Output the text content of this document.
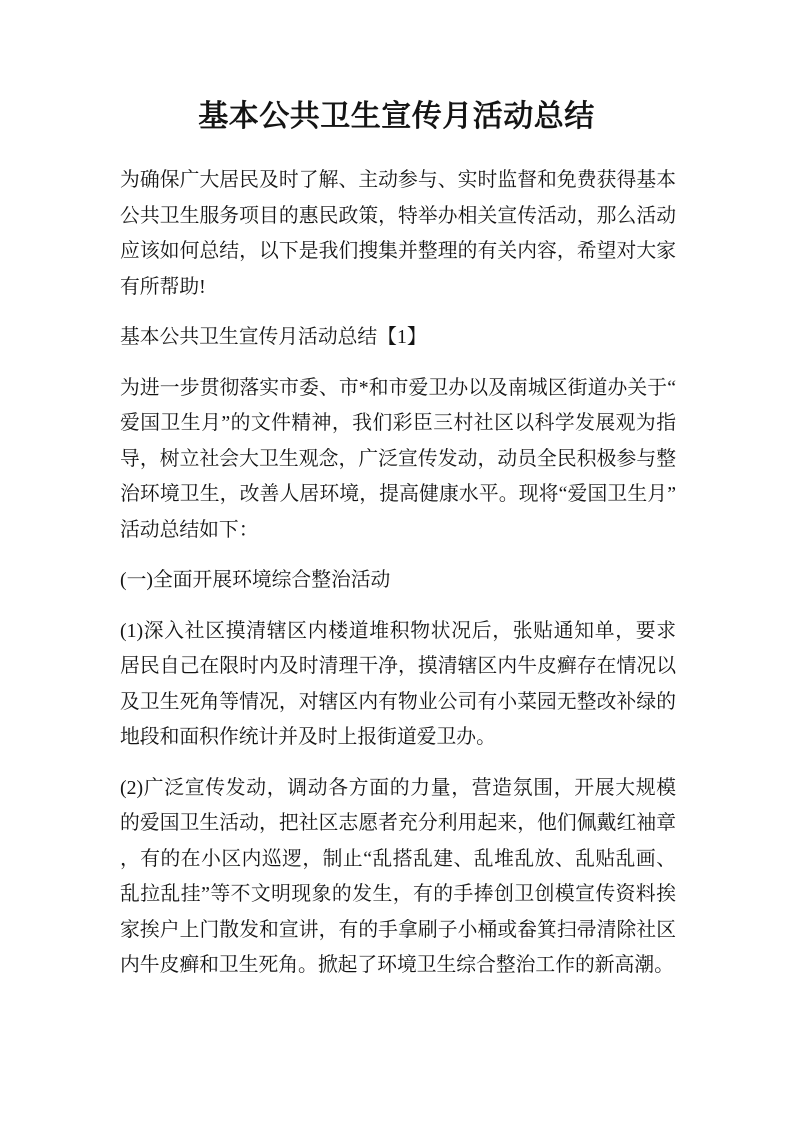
基本公共卫生宣传月活动总结

为确保广大居民及时了解、主动参与、实时监督和免费获得基本公共卫生服务项目的惠民政策，特举办相关宣传活动，那么活动应该如何总结，以下是我们搜集并整理的有关内容，希望对大家有所帮助!

基本公共卫生宣传月活动总结【1】

为进一步贯彻落实市委、市*和市爱卫办以及南城区街道办关于“爱国卫生月”的文件精神，我们彩臣三村社区以科学发展观为指导，树立社会大卫生观念，广泛宣传发动，动员全民积极参与整治环境卫生，改善人居环境，提高健康水平。现将“爱国卫生月”活动总结如下：

(一)全面开展环境综合整治活动

(1)深入社区摸清辖区内楼道堆积物状况后，张贴通知单，要求居民自己在限时内及时清理干净，摸清辖区内牛皮癣存在情况以及卫生死角等情况，对辖区内有物业公司有小菜园无整改补绿的地段和面积作统计并及时上报街道爱卫办。

(2)广泛宣传发动，调动各方面的力量，营造氛围，开展大规模的爱国卫生活动，把社区志愿者充分利用起来，他们佩戴红袖章，有的在小区内巡逻，制止“乱搭乱建、乱堆乱放、乱贴乱画、乱拉乱挂”等不文明现象的发生，有的手捧创卫创模宣传资料挨家挨户上门散发和宣讲，有的手拿刷子小桶或畚箕扫帚清除社区内牛皮癣和卫生死角。掀起了环境卫生综合整治工作的新高潮。
